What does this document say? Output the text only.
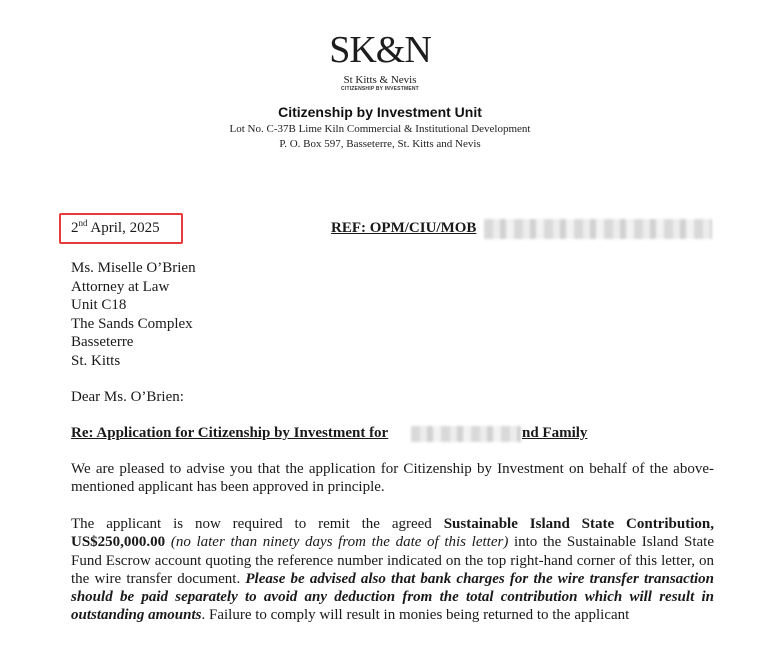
SK&N
St Kitts & Nevis
CITIZENSHIP BY INVESTMENT
Citizenship by Investment Unit
Lot No. C-37B Lime Kiln Commercial & Institutional Development
P. O. Box 597, Basseterre, St. Kitts and Nevis
2nd April, 2025	REF: OPM/CIU/MOB
Ms. Miselle O’Brien
Attorney at Law
Unit C18
The Sands Complex
Basseterre
St. Kitts
Dear Ms. O’Brien:
Re: Application for Citizenship by Investment for	nd Family
We are pleased to advise you that the application for Citizenship by Investment on behalf of the above-mentioned applicant has been approved in principle.
The applicant is now required to remit the agreed Sustainable Island State Contribution, US$250,000.00 (no later than ninety days from the date of this letter) into the Sustainable Island State Fund Escrow account quoting the reference number indicated on the top right-hand corner of this letter, on the wire transfer document. Please be advised also that bank charges for the wire transfer transaction should be paid separately to avoid any deduction from the total contribution which will result in outstanding amounts. Failure to comply will result in monies being returned to the applicant
